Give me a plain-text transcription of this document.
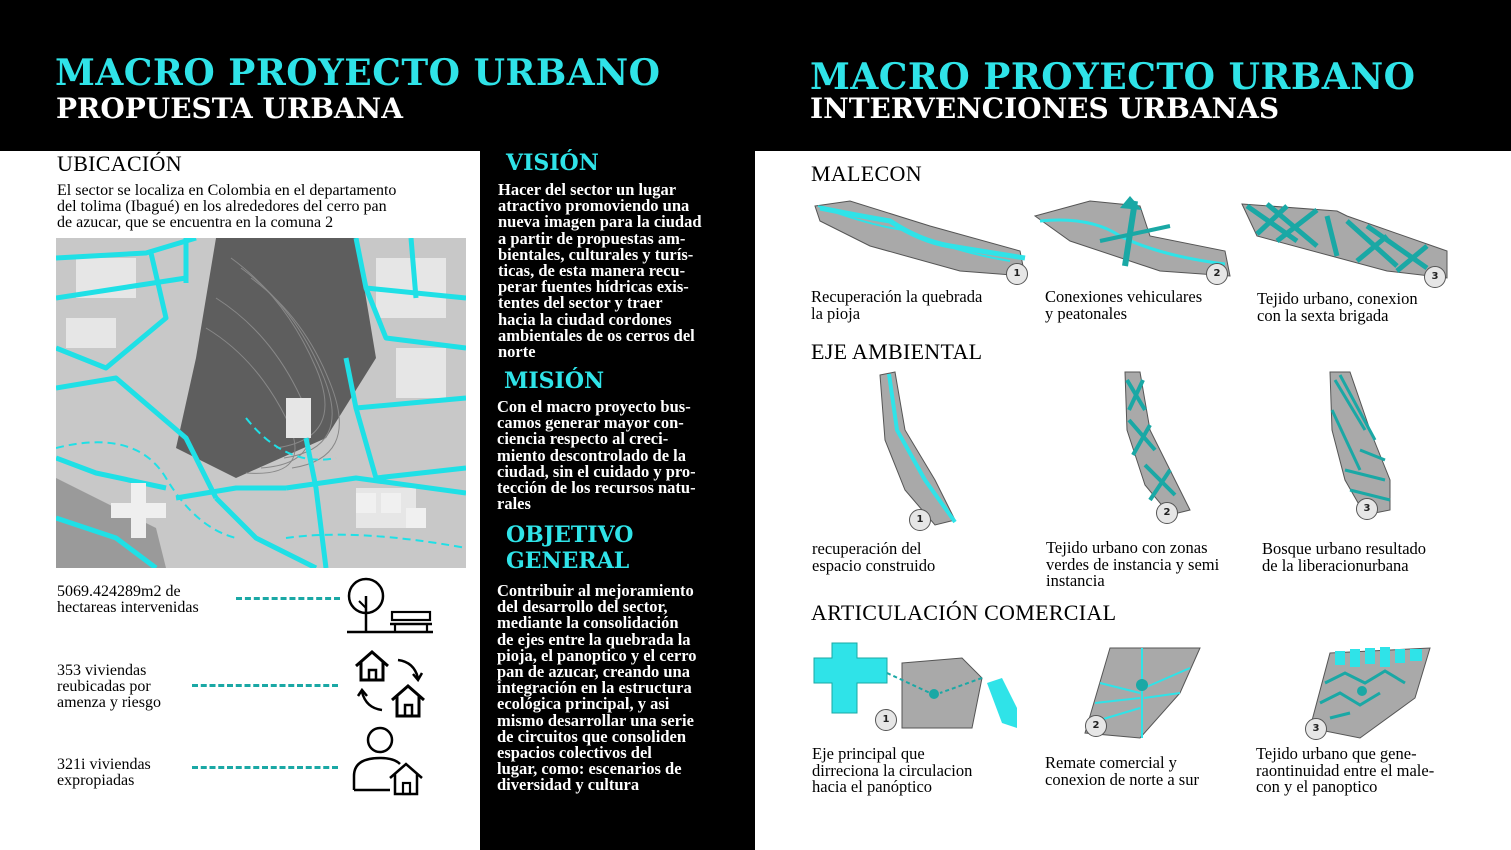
MACRO PROYECTO URBANO
PROPUESTA URBANA
MACRO PROYECTO URBANO
INTERVENCIONES URBANAS
UBICACIÓN
El sector se localiza en Colombia en el departamento
del tolima (Ibagué) en los alrededores del cerro pan
de azucar, que se encuentra en la comuna 2
5069.424289m2 de
hectareas intervenidas
353 viviendas
reubicadas por
amenza y riesgo
321i viviendas
expropiadas
VISIÓN
Hacer del sector un lugar
atractivo promoviendo una
nueva imagen para la ciudad
a partir de propuestas am-
bientales, culturales y turís-
ticas, de esta manera recu-
perar fuentes hídricas exis-
tentes del sector y traer
hacia la ciudad cordones
ambientales de os cerros del
norte
MISIÓN
Con el macro proyecto bus-
camos generar mayor con-
ciencia respecto al creci-
miento descontrolado de la
ciudad, sin el cuidado y pro-
tección de los recursos natu-
rales
OBJETIVO
GENERAL
Contribuir al mejoramiento
del desarrollo del sector,
mediante la consolidación
de ejes entre la quebrada la
pioja, el panoptico y el cerro
pan de azucar, creando una
integración en la estructura
ecológica principal, y asi
mismo desarrollar una serie
de circuitos que consoliden
espacios colectivos del
lugar, como: escenarios de
diversidad y cultura
MALECON
1
Recuperación la quebrada
la pioja
2
Conexiones vehiculares
y peatonales
3
Tejido urbano, conexion
con la sexta brigada
EJE AMBIENTAL
1
recuperación del
espacio construido
2
Tejido urbano con zonas
verdes de instancia y semi
instancia
3
Bosque urbano resultado
de la liberacionurbana
ARTICULACIÓN COMERCIAL
1
Eje principal que
dirreciona la circulacion
hacia el panóptico
2
Remate comercial y
conexion de norte a sur
3
Tejido urbano que gene-
raontinuidad entre el male-
con y el panoptico
